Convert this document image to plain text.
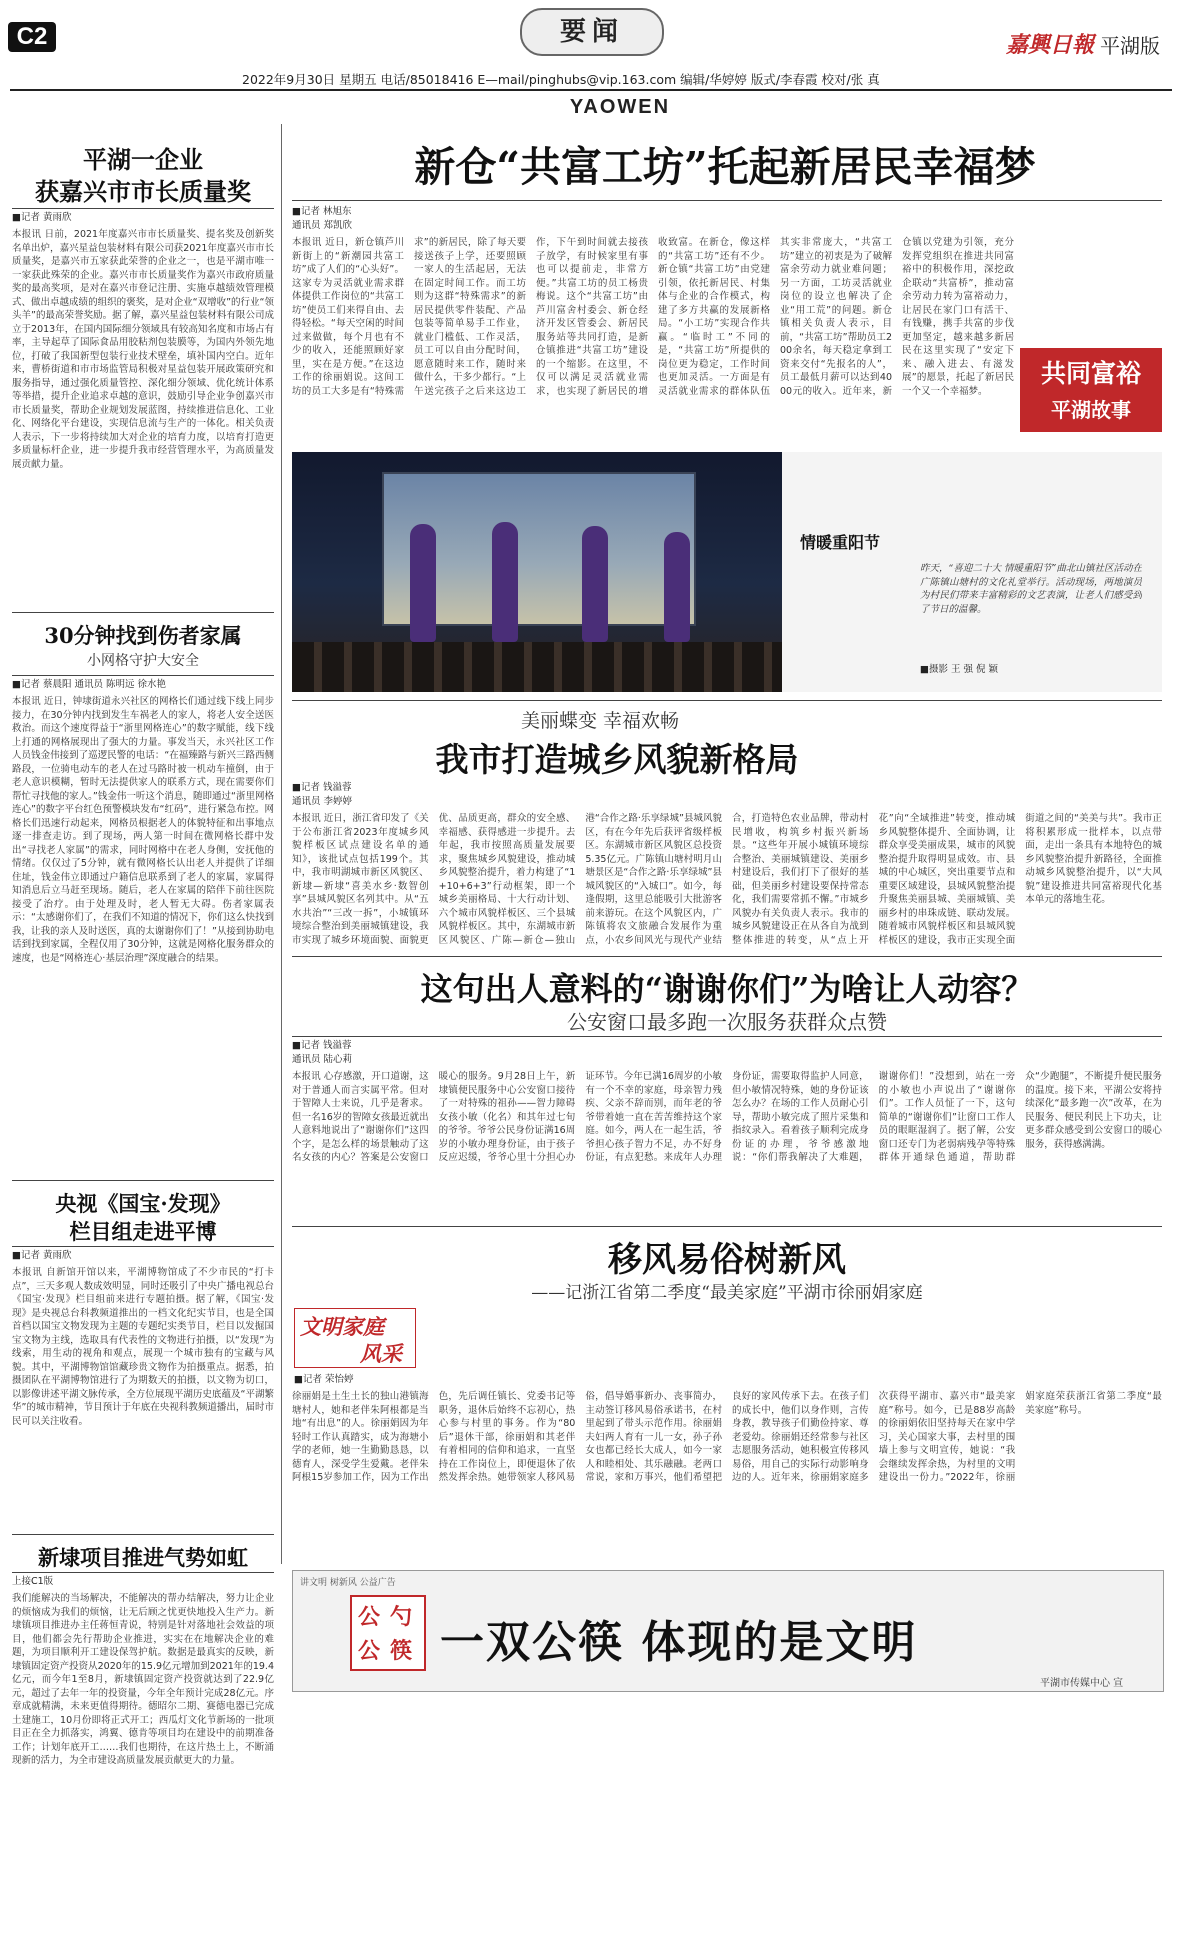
C2	要闻
2022年9月30日 星期五 电话/85018416 E—mail/pinghubs@vip.163.com 编辑/华婷婷 版式/李春霞 校对/张 真
嘉興日報 平湖版
YAOWEN
平湖一企业
获嘉兴市市长质量奖
■记者 黄雨欣
本报讯 日前，2021年度嘉兴市市长质量奖、提名奖及创新奖名单出炉，嘉兴星益包装材料有限公司获2021年度嘉兴市市长质量奖，是嘉兴市五家获此荣誉的企业之一，也是平湖市唯一一家获此殊荣的企业。嘉兴市市长质量奖作为嘉兴市政府质量奖的最高奖项，是对在嘉兴市登记注册、实施卓越绩效管理模式、做出卓越成绩的组织的褒奖，是对企业“双增收”的行业“领头羊”的最高荣誉奖励。据了解，嘉兴星益包装材料有限公司成立于2013年，在国内国际细分领域具有较高知名度和市场占有率，主导起草了国际食品用胶粘剂包装膜等，为国内外领先地位，打破了我国新型包装行业技术壁垒，填补国内空白。近年来，曹桥街道和市市场监管局积极对星益包装开展政策研究和服务指导，通过强化质量管控、深化细分领域、优化统计体系等举措，提升企业追求卓越的意识，鼓励引导企业争创嘉兴市市长质量奖，帮助企业规划发展蓝图，持续推进信息化、工业化、网络化平台建设，实现信息流与生产的一体化。相关负责人表示，下一步将持续加大对企业的培育力度，以培育打造更多质量标杆企业，进一步提升我市经营管理水平，为高质量发展贡献力量。
30分钟找到伤者家属
小网格守护大安全
■记者 蔡晨阳 通讯员 陈明远 徐水艳
本报讯 近日，钟埭街道永兴社区的网格长们通过线下线上同步接力，在30分钟内找到发生车祸老人的家人，将老人安全送医救治。而这个速度得益于“浙里网格连心”的数字赋能，线下线上打通的网格展现出了强大的力量。事发当天，永兴社区工作人员钱金伟接到了巡逻民警的电话：“在福臻路与新兴三路西侧路段，一位骑电动车的老人在过马路时被一机动车撞倒，由于老人意识模糊，暂时无法提供家人的联系方式，现在需要你们帮忙寻找他的家人。”钱金伟一听这个消息，随即通过“浙里网格连心”的数字平台红色预警模块发布“红码”，进行紧急布控。网格长们迅速行动起来，网格员根据老人的体貌特征和出事地点逐一排查走访。到了现场，两人第一时间在微网格长群中发出“寻找老人家属”的需求，同时网格中在老人身侧，安抚他的情绪。仅仅过了5分钟，就有微网格长认出老人并提供了详细住址，钱金伟立即通过户籍信息联系到了老人的家属，家属得知消息后立马赶至现场。随后，老人在家属的陪伴下前往医院接受了治疗。由于处理及时，老人暂无大碍。伤者家属表示：“太感谢你们了，在我们不知道的情况下，你们这么快找到我，让我的亲人及时送医，真的太谢谢你们了！”从接到协助电话到找到家属，全程仅用了30分钟，这就是网格化服务群众的速度，也是“网格连心·基层治理”深度融合的结果。
央视《国宝·发现》
栏目组走进平博
■记者 黄雨欣
本报讯 自新馆开馆以来，平湖博物馆成了不少市民的“打卡点”，三天多观人数成效明显，同时还吸引了中央广播电视总台《国宝·发现》栏目组前来进行专题拍摄。据了解，《国宝·发现》是央视总台科教频道推出的一档文化纪实节目，也是全国首档以国宝文物发现为主题的专题纪实类节目，栏目以发掘国宝文物为主线，选取具有代表性的文物进行拍摄，以“发现”为线索，用生动的视角和观点，展现一个城市独有的宝藏与风貌。其中，平湖博物馆馆藏珍贵文物作为拍摄重点。据悉，拍摄团队在平湖博物馆进行了为期数天的拍摄，以文物为切口，以影像讲述平湖文脉传承，全方位展现平湖历史底蕴及“平湖繁华”的城市精神，节目预计于年底在央视科教频道播出，届时市民可以关注收看。
新埭项目推进气势如虹
上接C1版
我们能解决的当场解决，不能解决的帮办结解决，努力让企业的烦恼成为我们的烦恼，让无后顾之忧更快地投入生产力。新埭镇项目推进办主任蒋恒青说，特别是针对落地社会效益的项目，他们都会先行帮助企业推进，实实在在地解决企业的难题，为项目顺利开工建设保驾护航。数据是最真实的反映，新埭镇固定资产投资从2020年的15.9亿元增加到2021年的19.4亿元，而今年1至8月，新埭镇固定资产投资就达到了22.9亿元，超过了去年一年的投资量，今年全年预计完成28亿元。序章成就精满，未来更值得期待。德昭尔二期、赛德电器已完成土建施工，10月份即将正式开工；西瓜灯文化节新场的一批项目正在全力抓落实，鸿翼、德肯等项目均在建设中的前期准备工作；计划年底开工……我们也期待，在这片热土上，不断涌现新的活力，为全市建设高质量发展贡献更大的力量。
新仓“共富工坊”托起新居民幸福梦
■记者 林旭东
通讯员 郑凯欣
本报讯 近日，新仓镇芦川新街上的“新潮园共富工坊”成了人们的“心头好”。这家专为灵活就业需求群体提供工作岗位的“共富工坊”使员工们来得自由、去得轻松。“每天空闲的时间过来做做，每个月也有不少的收入，还能照顾好家里，实在是方便。”在这边工作的徐丽娟说。这间工坊的员工大多是有“特殊需求”的新居民，除了每天要接送孩子上学，还要照顾一家人的生活起居，无法在固定时间工作。而工坊则为这群“特殊需求”的新居民提供零件装配、产品包装等简单易手工作业，就业门槛低、工作灵活，员工可以自由分配时间，愿意随时来工作，随时来做什么，干多少都行。“上午送完孩子之后来这边工作，下午到时间就去接孩子放学，有时候家里有事也可以提前走，非常方便。”共富工坊的员工杨贵梅说。这个“共富工坊”由芦川富舍村委会、新仓经济开发区管委会、新居民服务站等共同打造，是新仓镇推进“共富工坊”建设的一个缩影。在这里，不仅可以满足灵活就业需求，也实现了新居民的增收致富。在新仓，像这样的“共富工坊”还有不少。新仓镇“共富工坊”由党建引领，依托新居民、村集体与企业的合作模式，构建了多方共赢的发展新格局。“小工坊”实现合作共赢。“临时工”不同的是，“共富工坊”所提供的岗位更为稳定，工作时间也更加灵活。一方面是有灵活就业需求的群体队伍其实非常庞大，“共富工坊”建立的初衷是为了破解富余劳动力就业难问题；另一方面，工坊灵活就业岗位的设立也解决了企业“用工荒”的问题。新仓镇相关负责人表示，目前，“共富工坊”帮助员工200余名，每天稳定拿到工资来交付“先报名的人”，员工最低月薪可以达到4000元的收入。近年来，新仓镇以党建为引领，充分发挥党组织在推进共同富裕中的积极作用，深挖政企联动“共富桥”，推动富余劳动力转为富裕动力，让居民在家门口有活干、有钱赚，携手共富的步伐更加坚定，越来越多新居民在这里实现了“安定下来、融入进去、有滋发展”的愿景，托起了新居民一个又一个幸福梦。
共同富裕
平湖故事
情暖重阳节
昨天，“喜迎二十大 情暖重阳节”曲北山镇社区活动在广陈镇山塘村的文化礼堂举行。活动现场，两地演员为村民们带来丰富精彩的文艺表演，让老人们感受到了节日的温馨。
■摄影 王 强 倪 颖
美丽蝶变 幸福欢畅
我市打造城乡风貌新格局
■记者 钱溢蓉
通讯员 李婷婷
本报讯 近日，浙江省印发了《关于公布浙江省2023年度城乡风貌样板区试点建设名单的通知》，该批试点包括199个。其中，我市明湖城市新区风貌区、新埭—新埭“喜美水乡·数智创享”县城风貌区名列其中。从“五水共治”“三改一拆”，小城镇环境综合整治到美丽城镇建设，我市实现了城乡环境面貌、面貌更优、品质更高，群众的安全感、幸福感、获得感进一步提升。去年起，我市按照高质量发展要求，聚焦城乡风貌建设，推动城乡风貌整治提升，着力构建了“1+10+6+3”行动框架，即一个城乡美丽格局、十大行动计划、六个城市风貌样板区、三个县城风貌样板区。其中，东湖城市新区风貌区、广陈—新仓—独山港“合作之路·乐享绿城”县城风貌区，有在今年先后获评省级样板区。东湖城市新区风貌区总投资5.35亿元。广陈镇山塘村明月山塘景区是“合作之路·乐享绿城”县城风貌区的“入城口”。如今，每逢假期，这里总能吸引大批游客前来游玩。在这个风貌区内，广陈镇将农文旅融合发展作为重点，小农乡间风光与现代产业结合，打造特色农业品牌，带动村民增收，构筑乡村振兴新场景。“这些年开展小城镇环境综合整治、美丽城镇建设、美丽乡村建设后，我们打下了很好的基础，但美丽乡村建设要保持常态化，我们需要常抓不懈。”市城乡风貌办有关负责人表示。我市的城乡风貌建设正在从各自为战到整体推进的转变，从“点上开花”向“全域推进”转变，推动城乡风貌整体提升、全面协调，让群众享受美丽成果，城市的风貌整治提升取得明显成效。市、县城的中心城区，突出重要节点和重要区域建设，县城风貌整治提升聚焦美丽县城、美丽城镇、美丽乡村的串珠成链、联动发展。随着城市风貌样板区和县城风貌样板区的建设，我市正实现全面街道之间的“美美与共”。我市正将积累形成一批样本，以点带面，走出一条具有本地特色的城乡风貌整治提升新路径，全面推动城乡风貌整治提升，以“大风貌”建设推进共同富裕现代化基本单元的落地生花。
这句出人意料的“谢谢你们”为啥让人动容？
公安窗口最多跑一次服务获群众点赞
■记者 钱溢蓉
通讯员 陆心莉
本报讯 心存感激，开口道谢，这对于普通人而言实属平常。但对于智障人士来说，几乎是奢求。但一名16岁的智障女孩最近就出人意料地说出了“谢谢你们”这四个字，是怎么样的场景触动了这名女孩的内心？答案是公安窗口暖心的服务。9月28日上午，新埭镇便民服务中心公安窗口接待了一对特殊的祖孙——智力障碍女孩小敏（化名）和其年过七旬的爷爷。爷爷公民身份证满16周岁的小敏办理身份证，由于孩子反应迟缓，爷爷心里十分担心办证环节。今年已满16周岁的小敏有一个不幸的家庭，母亲智力残疾、父亲不辞而别，而年老的爷爷带着她一直在苦苦维持这个家庭。如今，两人在一起生活，爷爷担心孩子智力不足，办不好身份证，有点犯愁。来成年人办理身份证，需要取得监护人同意，但小敏情况特殊，她的身份证该怎么办？在场的工作人员耐心引导，帮助小敏完成了照片采集和指纹录入。看着孩子顺利完成身份证的办理，爷爷感激地说：“你们帮我解决了大难题，谢谢你们！”没想到，站在一旁的小敏也小声说出了“谢谢你们”。工作人员怔了一下，这句简单的“谢谢你们”让窗口工作人员的眼眶湿润了。据了解，公安窗口还专门为老弱病残孕等特殊群体开通绿色通道，帮助群众“少跑腿”，不断提升便民服务的温度。接下来，平湖公安将持续深化“最多跑一次”改革，在为民服务、便民利民上下功夫，让更多群众感受到公安窗口的暖心服务，获得感满满。
移风易俗树新风
——记浙江省第二季度“最美家庭”平湖市徐丽娟家庭
文明家庭
风采
■记者 荣怡婷
徐丽娟是土生土长的独山港镇海塘村人，她和老伴朱阿根都是当地“有出息”的人。徐丽娟因为年轻时工作认真踏实，成为海塘小学的老师，她一生勤勤恳恳，以德育人，深受学生爱戴。老伴朱阿根15岁参加工作，因为工作出色，先后调任镇长、党委书记等职务，退休后始终不忘初心，热心参与村里的事务。作为“80后”退休干部，徐丽娟和其老伴有着相同的信仰和追求，一直坚持在工作岗位上，即便退休了依然发挥余热。她带领家人移风易俗，倡导婚事新办、丧事简办，主动签订移风易俗承诺书，在村里起到了带头示范作用。徐丽娟夫妇两人育有一儿一女，孙子孙女也都已经长大成人，如今一家人和睦相处、其乐融融。老两口常说，家和万事兴，他们希望把良好的家风传承下去。在孩子们的成长中，他们以身作则，言传身教，教导孩子们勤俭持家、尊老爱幼。徐丽娟还经常参与社区志愿服务活动，她积极宣传移风易俗，用自己的实际行动影响身边的人。近年来，徐丽娟家庭多次获得平湖市、嘉兴市“最美家庭”称号。如今，已是88岁高龄的徐丽娟依旧坚持每天在家中学习，关心国家大事，去村里的围墙上参与文明宣传，她说：“我会继续发挥余热，为村里的文明建设出一份力。”2022年，徐丽娟家庭荣获浙江省第二季度“最美家庭”称号。
讲文明 树新风 公益广告
公 勺
公 筷 一双公筷 体现的是文明
平湖市传媒中心 宣
